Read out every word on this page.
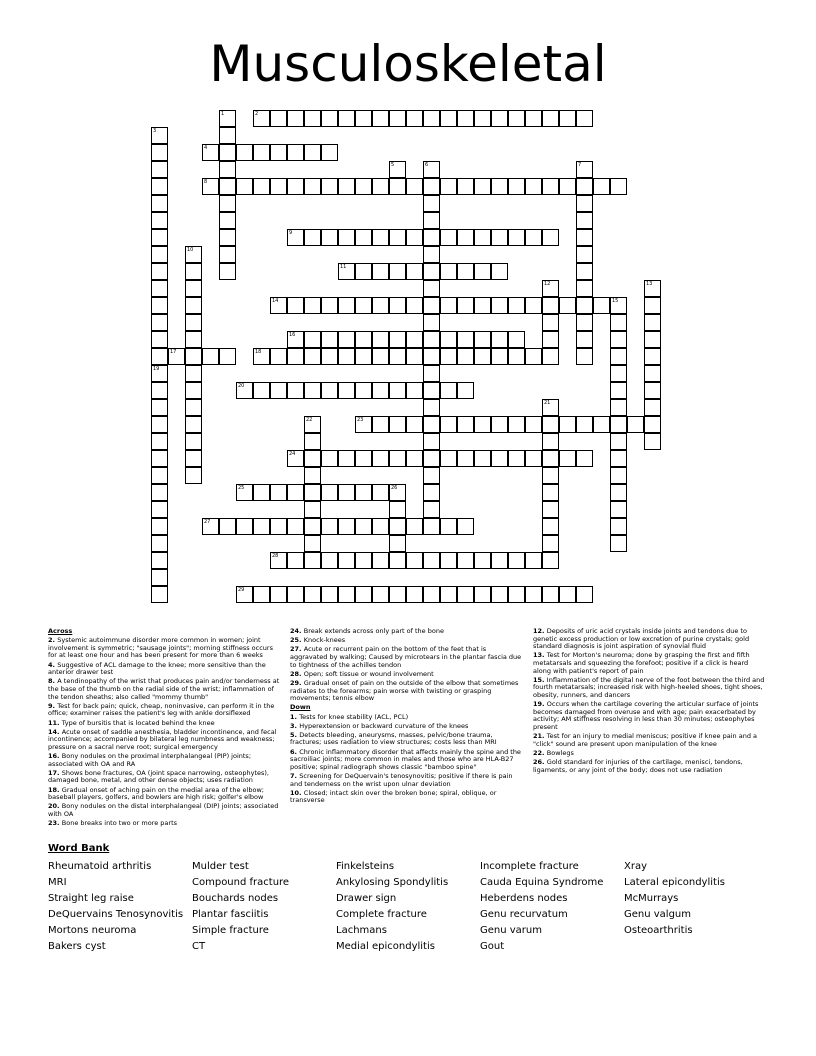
Musculoskeletal
1	2
3
4
5	6	7
8
9
10
11
12	13
14	15
16
17	18
19
20
21
22	23
24
25	26
27
28
29

Across

2. Systemic autoimmune disorder more common in women; joint involvement is symmetric; "sausage joints"; morning stiffness occurs for at least one hour and has been present for more than 6 weeks

4. Suggestive of ACL damage to the knee; more sensitive than the anterior drawer test

8. A tendinopathy of the wrist that produces pain and/or tenderness at the base of the thumb on the radial side of the wrist; inflammation of the tendon sheaths; also called "mommy thumb"

9. Test for back pain; quick, cheap, noninvasive, can perform it in the office; examiner raises the patient's leg with ankle dorsiflexed

11. Type of bursitis that is located behind the knee

14. Acute onset of saddle anesthesia, bladder incontinence, and fecal incontinence; accompanied by bilateral leg numbness and weakness; pressure on a sacral nerve root; surgical emergency

16. Bony nodules on the proximal interphalangeal (PIP) joints; associated with OA and RA

17. Shows bone fractures, OA (joint space narrowing, osteophytes), damaged bone, metal, and other dense objects; uses radiation

18. Gradual onset of aching pain on the medial area of the elbow; baseball players, golfers, and bowlers are high risk; golfer's elbow

20. Bony nodules on the distal interphalangeal (DIP) joints; associated with OA

23. Bone breaks into two or more parts

24. Break extends across only part of the bone

25. Knock-knees

27. Acute or recurrent pain on the bottom of the feet that is aggravated by walking; Caused by microtears in the plantar fascia due to tightness of the achilles tendon

28. Open; soft tissue or wound involvement

29. Gradual onset of pain on the outside of the elbow that sometimes radiates to the forearms; pain worse with twisting or grasping movements; tennis elbow

Down

1. Tests for knee stability (ACL, PCL)

3. Hyperextension or backward curvature of the knees

5. Detects bleeding, aneurysms, masses, pelvic/bone trauma, fractures; uses radiation to view structures; costs less than MRI

6. Chronic inflammatory disorder that affects mainly the spine and the sacroiliac joints; more common in males and those who are HLA-B27 positive; spinal radiograph shows classic "bamboo spine"

7. Screening for DeQuervain's tenosynovitis; positive if there is pain and tenderness on the wrist upon ulnar deviation

10. Closed; intact skin over the broken bone; spiral, oblique, or transverse

12. Deposits of uric acid crystals inside joints and tendons due to genetic excess production or low excretion of purine crystals; gold standard diagnosis is joint aspiration of synovial fluid

13. Test for Morton's neuroma; done by grasping the first and fifth metatarsals and squeezing the forefoot; positive if a click is heard along with patient's report of pain

15. Inflammation of the digital nerve of the foot between the third and fourth metatarsals; increased risk with high-heeled shoes, tight shoes, obesity, runners, and dancers

19. Occurs when the cartilage covering the articular surface of joints becomes damaged from overuse and with age; pain exacerbated by activity; AM stiffness resolving in less than 30 minutes; osteophytes present

21. Test for an injury to medial meniscus; positive if knee pain and a "click" sound are present upon manipulation of the knee

22. Bowlegs

26. Gold standard for injuries of the cartilage, menisci, tendons, ligaments, or any joint of the body; does not use radiation

Word Bank
Rheumatoid arthritis
MRI
Straight leg raise
DeQuervains Tenosynovitis
Mortons neuroma
Bakers cyst
Mulder test
Compound fracture
Bouchards nodes
Plantar fasciitis
Simple fracture
CT
Finkelsteins
Ankylosing Spondylitis
Drawer sign
Complete fracture
Lachmans
Medial epicondylitis
Incomplete fracture
Cauda Equina Syndrome
Heberdens nodes
Genu recurvatum
Genu varum
Gout
Xray
Lateral epicondylitis
McMurrays
Genu valgum
Osteoarthritis
